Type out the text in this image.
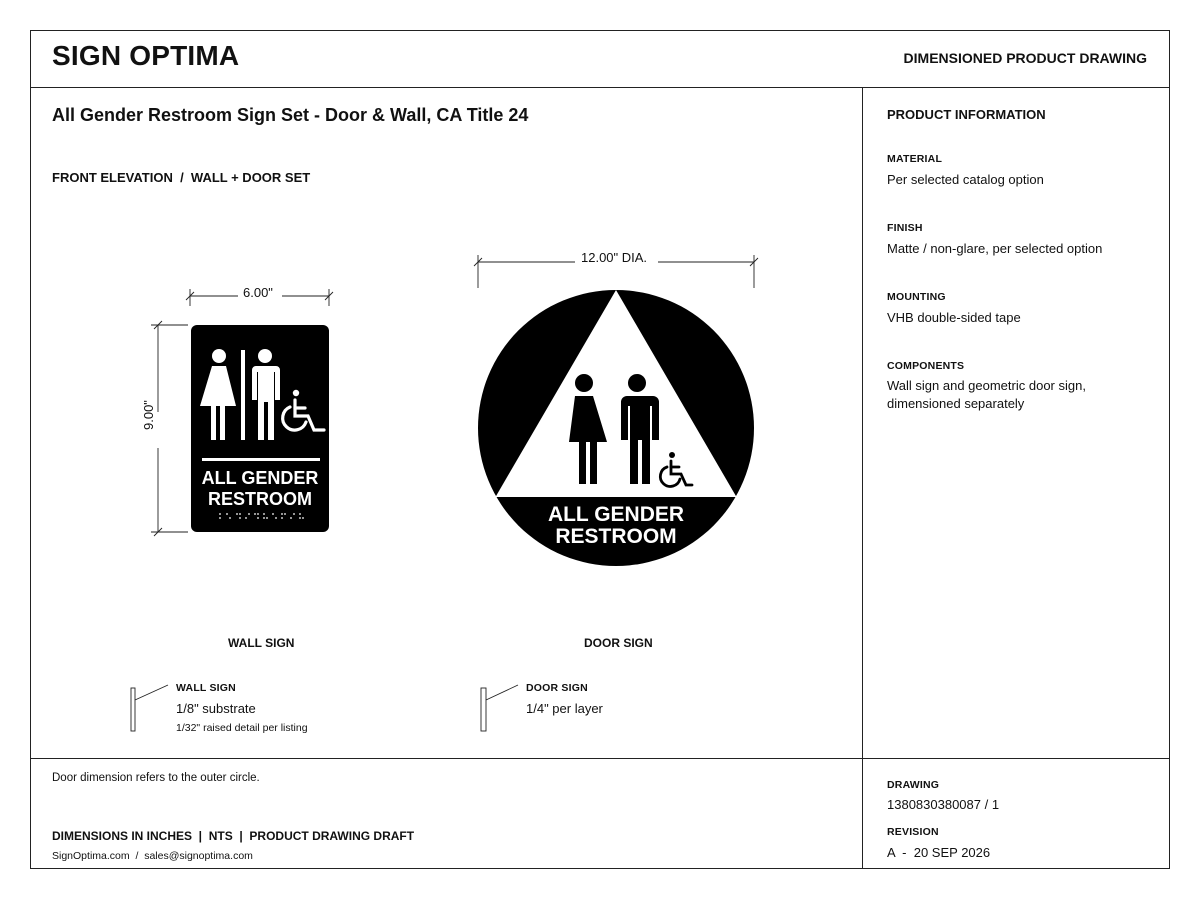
SIGN OPTIMA	DIMENSIONED PRODUCT DRAWING
All Gender Restroom Sign Set - Door & Wall, CA Title 24
FRONT ELEVATION  /  WALL + DOOR SET
ALL GENDER
RESTROOM
ALL GENDER
RESTROOM
6.00"
9.00"
12.00" DIA.
WALL SIGN	DOOR SIGN
WALL SIGN
1/8" substrate
1/32" raised detail per listing
DOOR SIGN
1/4" per layer
PRODUCT INFORMATION
MATERIAL
Per selected catalog option
FINISH
Matte / non-glare, per selected option
MOUNTING
VHB double-sided tape
COMPONENTS
Wall sign and geometric door sign,
dimensioned separately
Door dimension refers to the outer circle.
DIMENSIONS IN INCHES  |  NTS  |  PRODUCT DRAWING DRAFT
SignOptima.com  /  sales@signoptima.com
DRAWING
1380830380087 / 1
REVISION
A  -  20 SEP 2026
